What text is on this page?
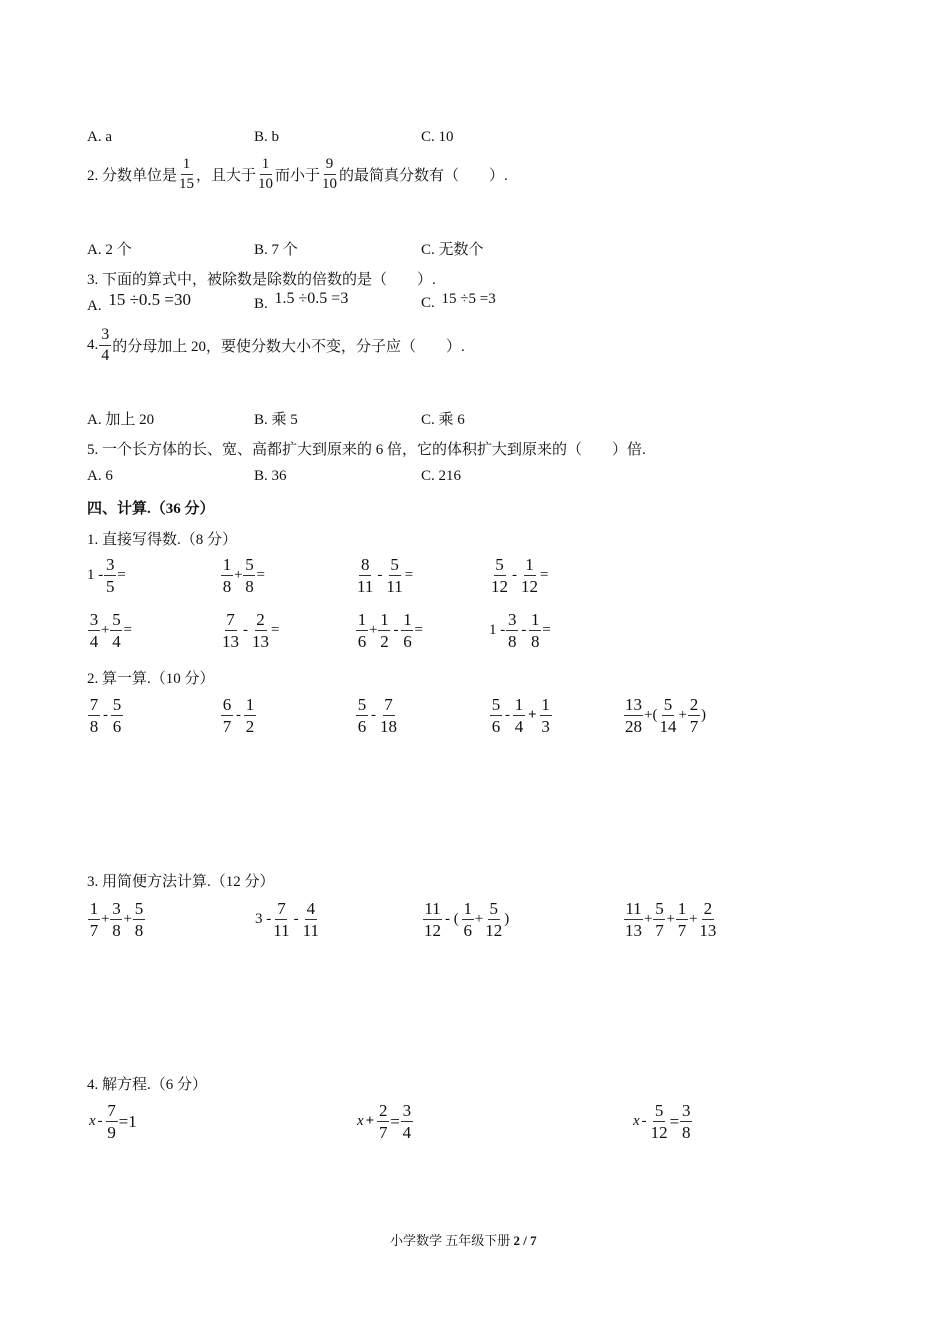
A. a	B. b	C. 10
2. 分数单位是 $\frac{1}{15}$ ，且大于 $\frac{1}{10}$ 而小于 $\frac{9}{10}$ 的最简真分数有（　　）.
A. 2 个	B. 7 个	C. 无数个
3. 下面的算式中，被除数是除数的倍数的是（　　）.
A. 15 ÷0.5 =30	B. 1.5 ÷0.5 =3	C. 15 ÷5 =3
4. $\frac{3}{4}$ 的分母加上 20，要使分数大小不变，分子应（　　）.
A. 加上 20	B. 乘 5	C. 乘 6
5. 一个长方体的长、宽、高都扩大到原来的 6 倍，它的体积扩大到原来的（　　）倍.
A. 6	B. 36	C. 216
四、计算.（36 分）
1. 直接写得数.（8 分）
$1 - \frac{3}{5}$ =	$\frac{1}{8} + \frac{5}{8}$ =	$\frac{8}{11} - \frac{5}{11}$ =	$\frac{5}{12} - \frac{1}{12}$ =
$\frac{3}{4} + \frac{5}{4}$ =	$\frac{7}{13} - \frac{2}{13}$ =	$\frac{1}{6} + \frac{1}{2} - \frac{1}{6}$ =	$1 - \frac{3}{8} - \frac{1}{8}$ =
2. 算一算.（10 分）
$\frac{7}{8} - \frac{5}{6}$	$\frac{6}{7} - \frac{1}{2}$	$\frac{5}{6} - \frac{7}{18}$	$\frac{5}{6} - \frac{1}{4} + \frac{1}{3}$	$\frac{13}{28}$ +( $\frac{5}{14} + \frac{2}{7}$ )
3. 用简便方法计算.（12 分）
$\frac{1}{7} + \frac{3}{8} + \frac{5}{8}$	$3 - \frac{7}{11} - \frac{4}{11}$	$\frac{11}{12}$ - ( $\frac{1}{6} + \frac{5}{12}$ )	$\frac{11}{13} + \frac{5}{7} + \frac{1}{7} + \frac{2}{13}$
4. 解方程.（6 分）
$x - \frac{7}{9} =1$	$x + \frac{2}{7} = \frac{3}{4}$	$x - \frac{5}{12} = \frac{3}{8}$
小学数学 五年级下册 2 / 7
